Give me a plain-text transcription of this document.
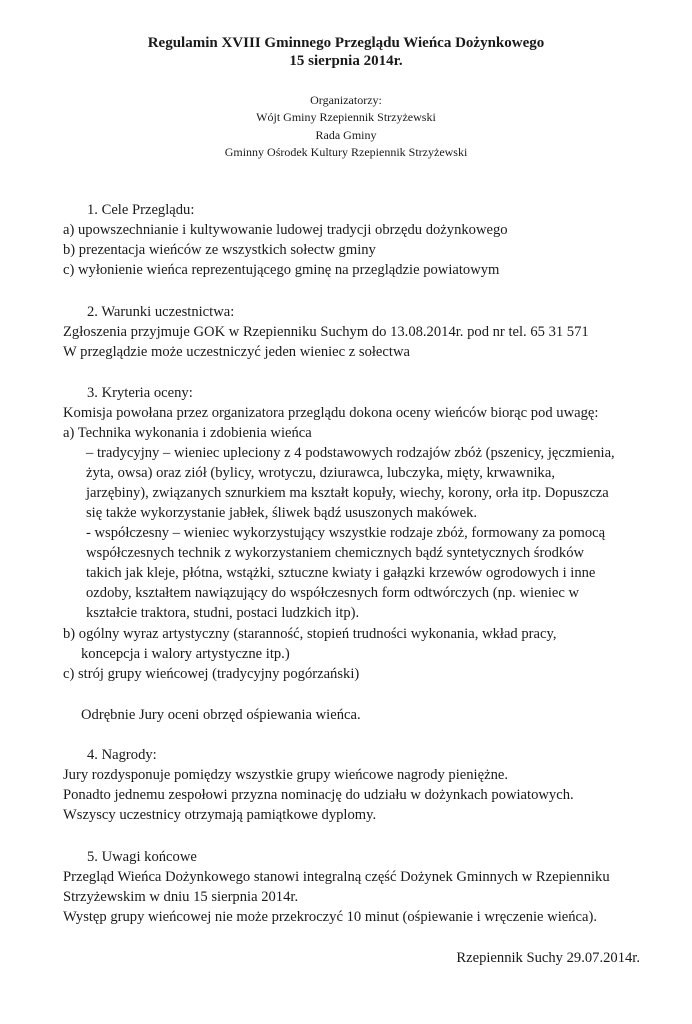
Regulamin XVIII Gminnego Przeglądu Wieńca Dożynkowego
15 sierpnia 2014r.
Organizatorzy:
Wójt Gminy Rzepiennik Strzyżewski
Rada Gminy
Gminny Ośrodek Kultury Rzepiennik Strzyżewski
1. Cele Przeglądu:
a) upowszechnianie i kultywowanie ludowej tradycji obrzędu dożynkowego
b) prezentacja wieńców ze wszystkich sołectw gminy
c) wyłonienie wieńca reprezentującego gminę na przeglądzie powiatowym
2. Warunki uczestnictwa:
Zgłoszenia przyjmuje GOK w Rzepienniku Suchym do 13.08.2014r. pod nr tel. 65 31 571
W przeglądzie może uczestniczyć jeden wieniec z sołectwa
3. Kryteria oceny:
Komisja powołana przez organizatora przeglądu dokona oceny wieńców biorąc pod uwagę:
a) Technika wykonania i zdobienia wieńca
– tradycyjny – wieniec upleciony z 4 podstawowych rodzajów zbóż (pszenicy, jęczmienia,
żyta, owsa) oraz ziół (bylicy, wrotyczu, dziurawca, lubczyka, mięty, krwawnika,
jarzębiny), związanych sznurkiem ma kształt kopuły, wiechy, korony, orła itp. Dopuszcza
się także wykorzystanie jabłek, śliwek bądź ususzonych makówek.
- współczesny – wieniec wykorzystujący wszystkie rodzaje zbóż, formowany za pomocą
współczesnych technik z wykorzystaniem chemicznych bądź syntetycznych środków
takich jak kleje, płótna, wstążki, sztuczne kwiaty i gałązki krzewów ogrodowych i inne
ozdoby, kształtem nawiązujący do współczesnych form odtwórczych (np. wieniec w
kształcie traktora, studni, postaci ludzkich itp).
b) ogólny wyraz artystyczny (staranność, stopień trudności wykonania, wkład pracy,
koncepcja i walory artystyczne itp.)
c) strój grupy wieńcowej (tradycyjny pogórzański)
Odrębnie Jury oceni obrzęd ośpiewania wieńca.
4. Nagrody:
Jury rozdysponuje pomiędzy wszystkie grupy wieńcowe nagrody pieniężne.
Ponadto jednemu zespołowi przyzna nominację do udziału w dożynkach powiatowych.
Wszyscy uczestnicy otrzymają pamiątkowe dyplomy.
5. Uwagi końcowe
Przegląd Wieńca Dożynkowego stanowi integralną część Dożynek Gminnych w Rzepienniku
Strzyżewskim w dniu 15 sierpnia 2014r.
Występ grupy wieńcowej nie może przekroczyć 10 minut (ośpiewanie i wręczenie wieńca).
Rzepiennik Suchy 29.07.2014r.
